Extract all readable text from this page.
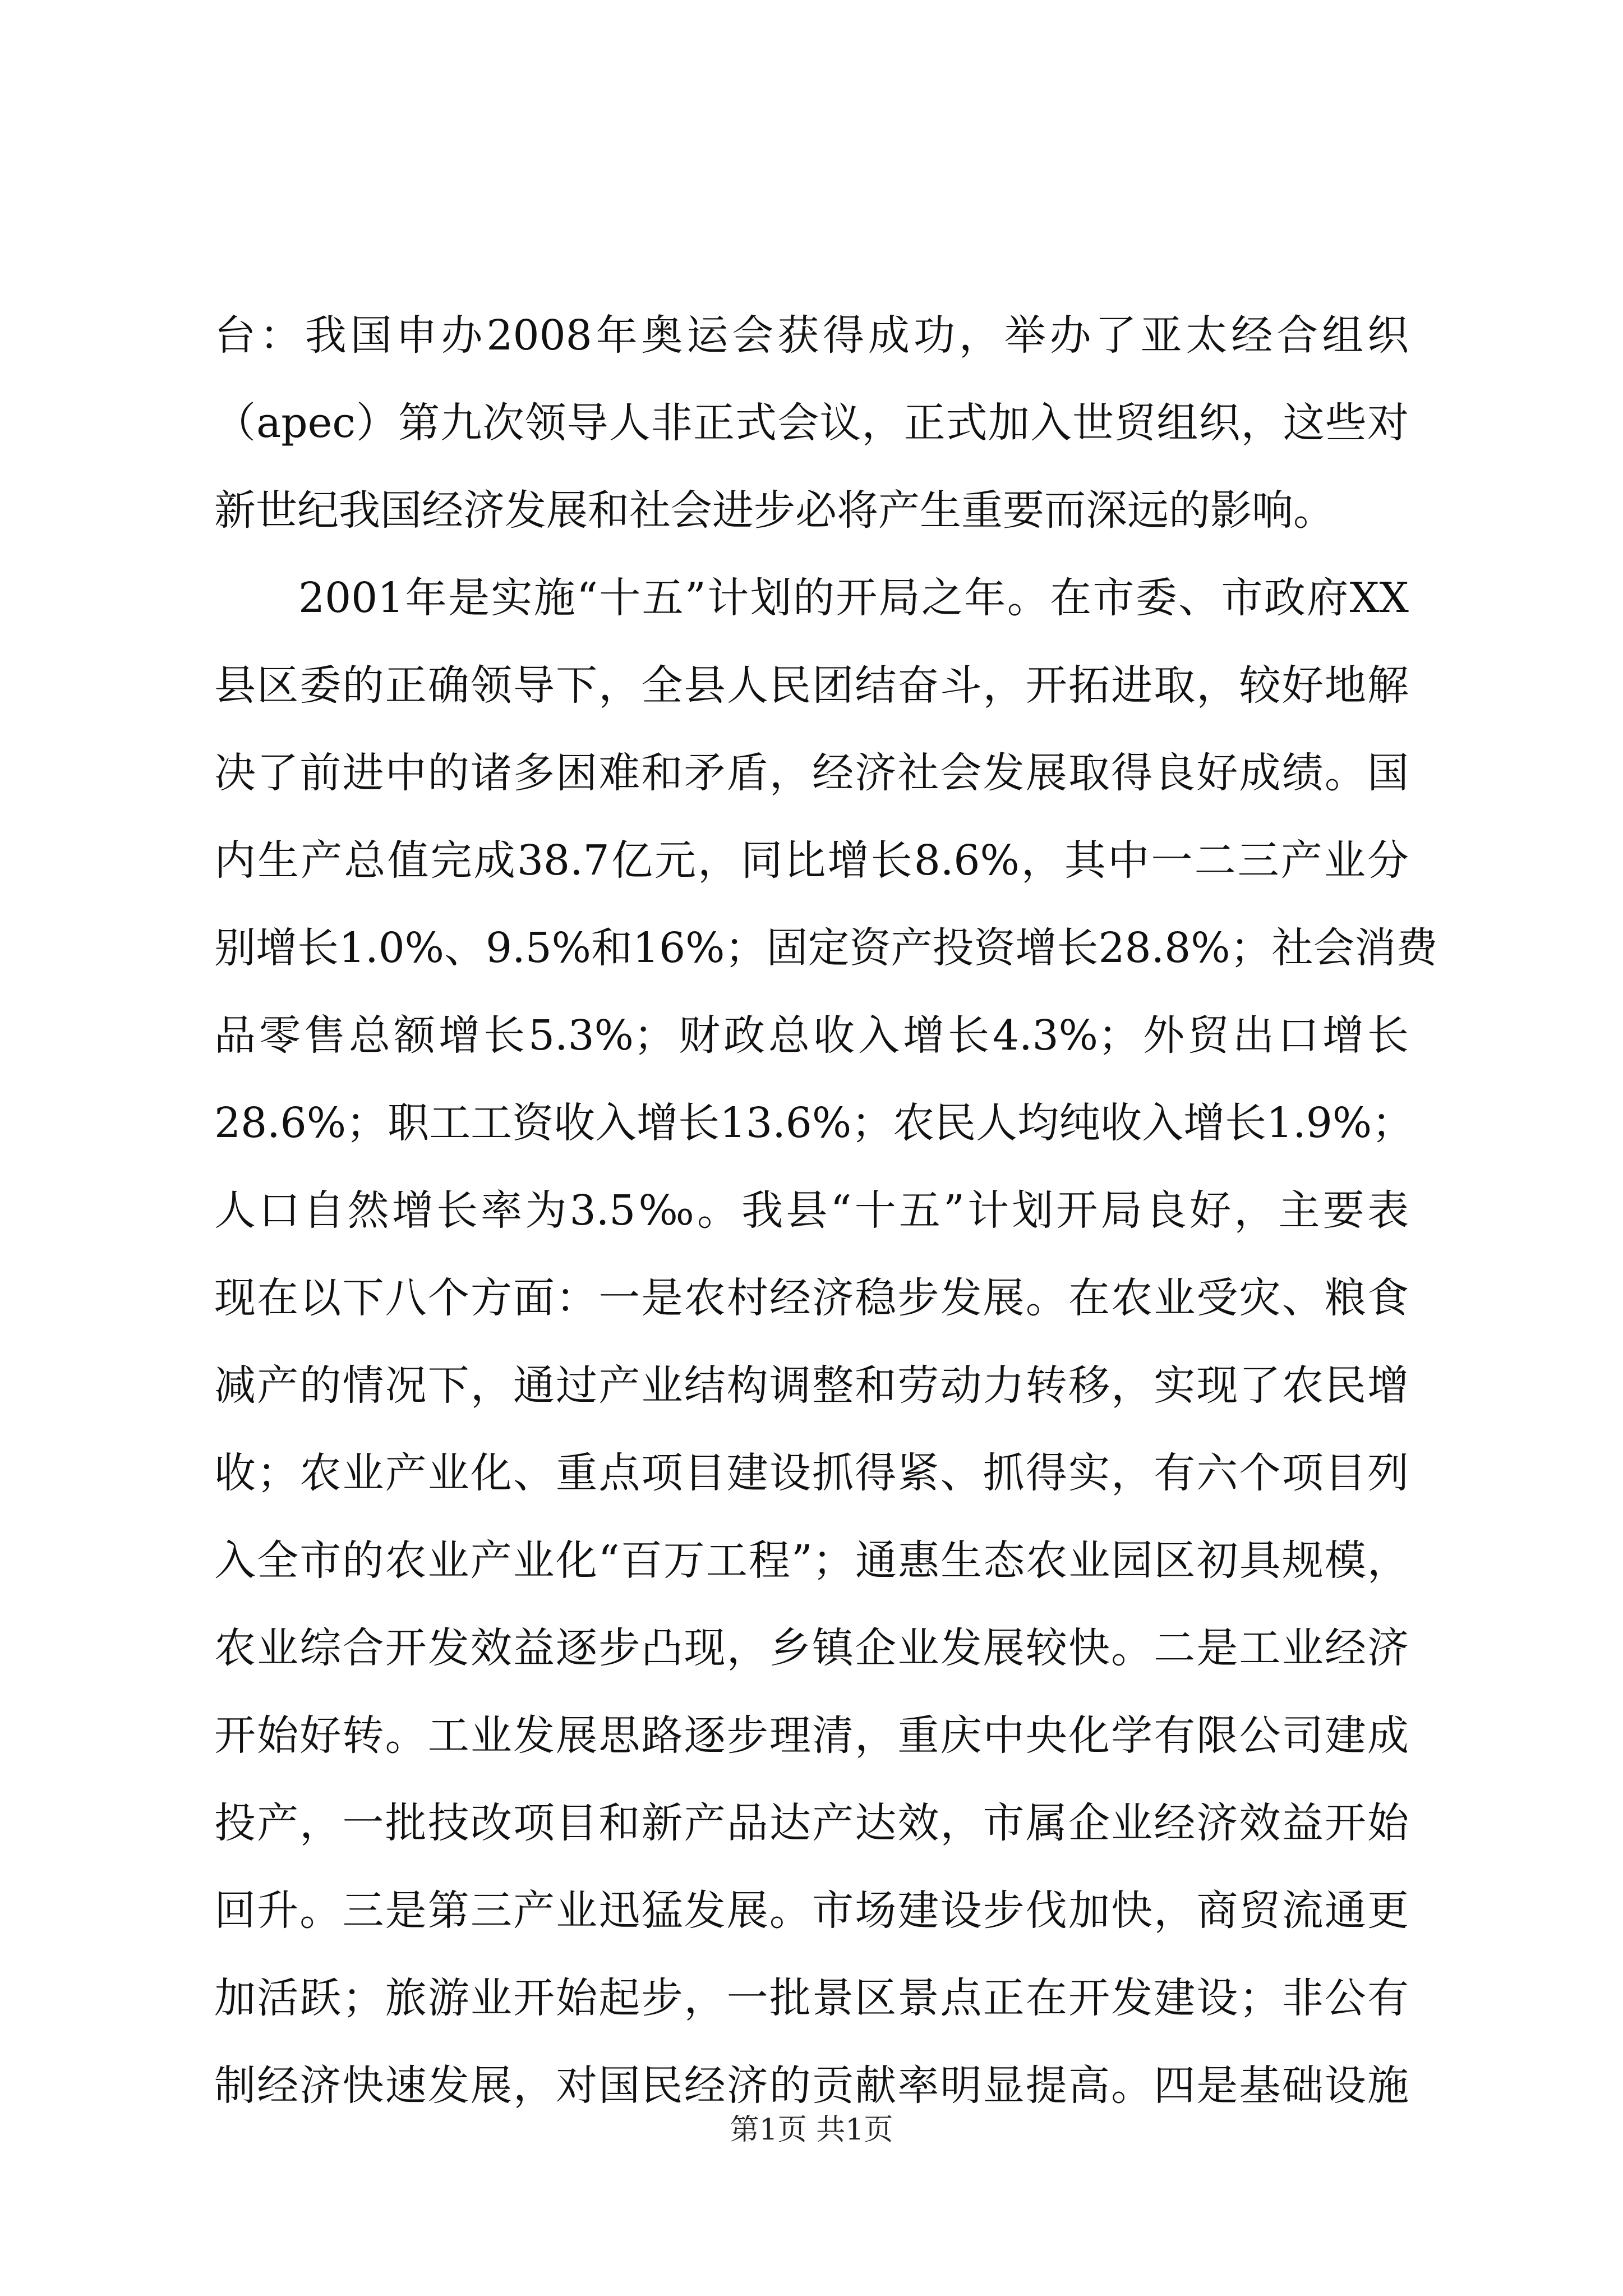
台：我国申办2008年奥运会获得成功，举办了亚太经合组织
（apec）第九次领导人非正式会议，正式加入世贸组织，这些对
新世纪我国经济发展和社会进步必将产生重要而深远的影响。
2001年是实施“十五”计划的开局之年。在市委、市政府XX
县区委的正确领导下，全县人民团结奋斗，开拓进取，较好地解
决了前进中的诸多困难和矛盾，经济社会发展取得良好成绩。国
内生产总值完成38.7亿元，同比增长8.6%，其中一二三产业分
别增长1.0%、9.5%和16%；固定资产投资增长28.8%；社会消费
品零售总额增长5.3%；财政总收入增长4.3%；外贸出口增长
28.6%；职工工资收入增长13.6%；农民人均纯收入增长1.9%；
人口自然增长率为3.5‰。我县“十五”计划开局良好，主要表
现在以下八个方面：一是农村经济稳步发展。在农业受灾、粮食
减产的情况下，通过产业结构调整和劳动力转移，实现了农民增
收；农业产业化、重点项目建设抓得紧、抓得实，有六个项目列
入全市的农业产业化“百万工程”；通惠生态农业园区初具规模，
农业综合开发效益逐步凸现，乡镇企业发展较快。二是工业经济
开始好转。工业发展思路逐步理清，重庆中央化学有限公司建成
投产，一批技改项目和新产品达产达效，市属企业经济效益开始
回升。三是第三产业迅猛发展。市场建设步伐加快，商贸流通更
加活跃；旅游业开始起步，一批景区景点正在开发建设；非公有
制经济快速发展，对国民经济的贡献率明显提高。四是基础设施
第1页 共1页
